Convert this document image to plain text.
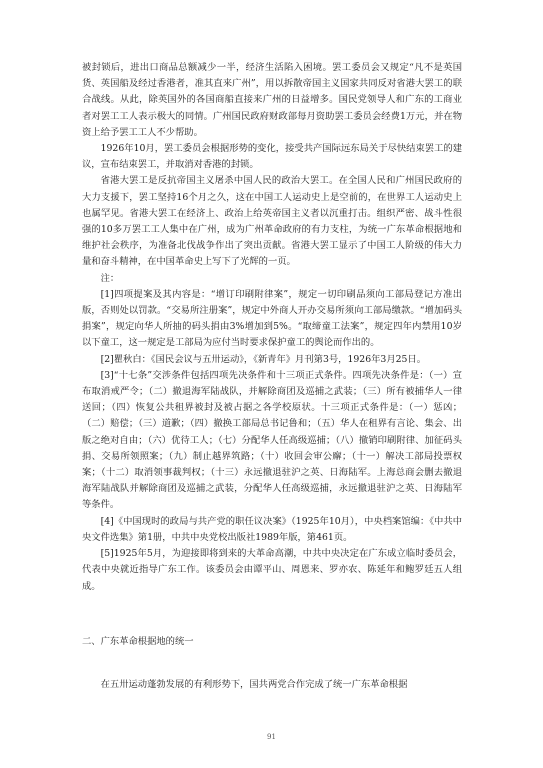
被封锁后，进出口商品总额减少一半，经济生活陷入困境。罢工委员会又规定“凡不是英国货、英国船及经过香港者，准其直来广州”，用以拆散帝国主义国家共同反对省港大罢工的联合战线。从此，除英国外的各国商船直接来广州的日益增多。国民党领导人和广东的工商业者对罢工工人表示极大的同情。广州国民政府财政部每月资助罢工委员会经费1万元，并在物资上给予罢工工人不少帮助。

1926年10月，罢工委员会根据形势的变化，接受共产国际远东局关于尽快结束罢工的建议，宣布结束罢工，并取消对香港的封锁。

省港大罢工是反抗帝国主义屠杀中国人民的政治大罢工。在全国人民和广州国民政府的大力支援下，罢工坚持16个月之久，这在中国工人运动史上是空前的，在世界工人运动史上也属罕见。省港大罢工在经济上、政治上给英帝国主义者以沉重打击。组织严密、战斗性很强的10多万罢工工人集中在广州，成为广州革命政府的有力支柱，为统一广东革命根据地和维护社会秩序，为准备北伐战争作出了突出贡献。省港大罢工显示了中国工人阶级的伟大力量和奋斗精神，在中国革命史上写下了光辉的一页。

注：

[1]四项提案及其内容是：“增订印刷附律案”，规定一切印刷品须向工部局登记方准出版，否则处以罚款。“交易所注册案”，规定中外商人开办交易所须向工部局缴款。“增加码头捐案”，规定向华人所抽的码头捐由3%增加到5%。“取缔童工法案”，规定四年内禁用10岁以下童工，这一规定是工部局为应付当时要求保护童工的舆论而作出的。

[2]瞿秋白：《国民会议与五卅运动》，《新青年》月刊第3号，1926年3月25日。

[3]“十七条”交涉条件包括四项先决条件和十三项正式条件。四项先决条件是：（一）宣布取消戒严令；（二）撤退海军陆战队，并解除商团及巡捕之武装；（三）所有被捕华人一律送回；（四）恢复公共租界被封及被占据之各学校原状。十三项正式条件是：（一）惩凶；（二）赔偿；（三）道歉；（四）撤换工部局总书记鲁和；（五）华人在租界有言论、集会、出版之绝对自由；（六）优待工人；（七）分配华人任高级巡捕；（八）撤销印刷附律、加征码头捐、交易所领照案；（九）制止越界筑路；（十）收回会审公廨；（十一）解决工部局投票权案；（十二）取消领事裁判权；（十三）永远撤退驻沪之英、日海陆军。上海总商会删去撤退海军陆战队并解除商团及巡捕之武装，分配华人任高级巡捕，永远撤退驻沪之英、日海陆军等条件。

[4]《中国现时的政局与共产党的职任议决案》（1925年10月），中央档案馆编：《中共中央文件选集》第1册，中共中央党校出版社1989年版，第461页。

[5]1925年5月，为迎接即将到来的大革命高潮，中共中央决定在广东成立临时委员会，代表中央就近指导广东工作。该委员会由谭平山、周恩来、罗亦农、陈延年和鲍罗廷五人组成。

二、广东革命根据地的统一
在五卅运动蓬勃发展的有利形势下，国共两党合作完成了统一广东革命根据
91
